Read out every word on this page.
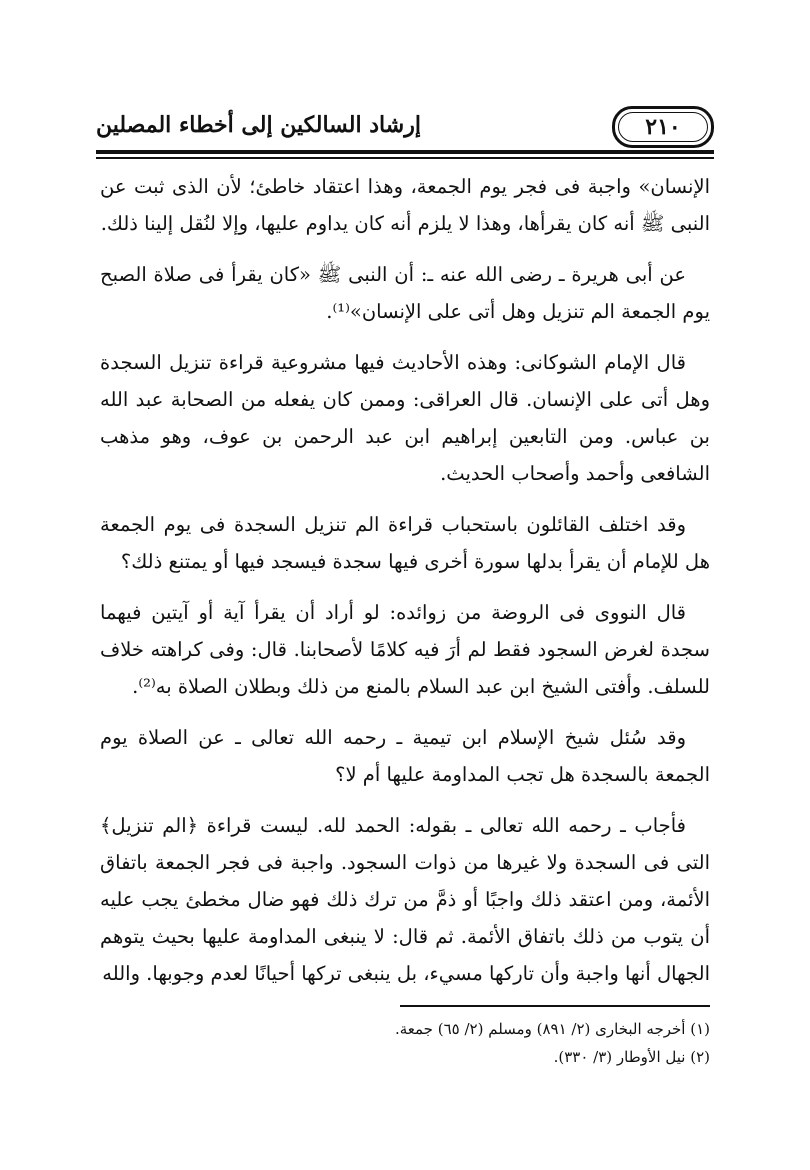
٢١٠
إرشاد السالكين إلى أخطاء المصلين

الإنسان» واجبة فى فجر يوم الجمعة، وهذا اعتقاد خاطئ؛ لأن الذى ثبت عن النبى ﷺ أنه كان يقرأها، وهذا لا يلزم أنه كان يداوم عليها، وإلا لنُقل إلينا ذلك.

عن أبى هريرة ـ رضى الله عنه ـ: أن النبى ﷺ «كان يقرأ فى صلاة الصبح يوم الجمعة الم تنزيل وهل أتى على الإنسان»⁽¹⁾.

قال الإمام الشوكانى: وهذه الأحاديث فيها مشروعية قراءة تنزيل السجدة وهل أتى على الإنسان. قال العراقى: وممن كان يفعله من الصحابة عبد الله بن عباس. ومن التابعين إبراهيم ابن عبد الرحمن بن عوف، وهو مذهب الشافعى وأحمد وأصحاب الحديث.

وقد اختلف القائلون باستحباب قراءة الم تنزيل السجدة فى يوم الجمعة هل للإمام أن يقرأ بدلها سورة أخرى فيها سجدة فيسجد فيها أو يمتنع ذلك؟

قال النووى فى الروضة من زوائده: لو أراد أن يقرأ آية أو آيتين فيهما سجدة لغرض السجود فقط لم أرَ فيه كلامًا لأصحابنا. قال: وفى كراهته خلاف للسلف. وأفتى الشيخ ابن عبد السلام بالمنع من ذلك وبطلان الصلاة به⁽²⁾.

وقد سُئل شيخ الإسلام ابن تيمية ـ رحمه الله تعالى ـ عن الصلاة يوم الجمعة بالسجدة هل تجب المداومة عليها أم لا؟

فأجاب ـ رحمه الله تعالى ـ بقوله: الحمد لله. ليست قراءة ﴿الم تنزيل﴾ التى فى السجدة ولا غيرها من ذوات السجود. واجبة فى فجر الجمعة باتفاق الأئمة، ومن اعتقد ذلك واجبًا أو ذمَّ من ترك ذلك فهو ضال مخطئ يجب عليه أن يتوب من ذلك باتفاق الأئمة. ثم قال: لا ينبغى المداومة عليها بحيث يتوهم الجهال أنها واجبة وأن تاركها مسيء، بل ينبغى تركها أحيانًا لعدم وجوبها. والله

(١) أخرجه البخارى (٢/ ٨٩١) ومسلم (٢/ ٦٥) جمعة.
(٢) نيل الأوطار (٣/ ٣٣٠).
